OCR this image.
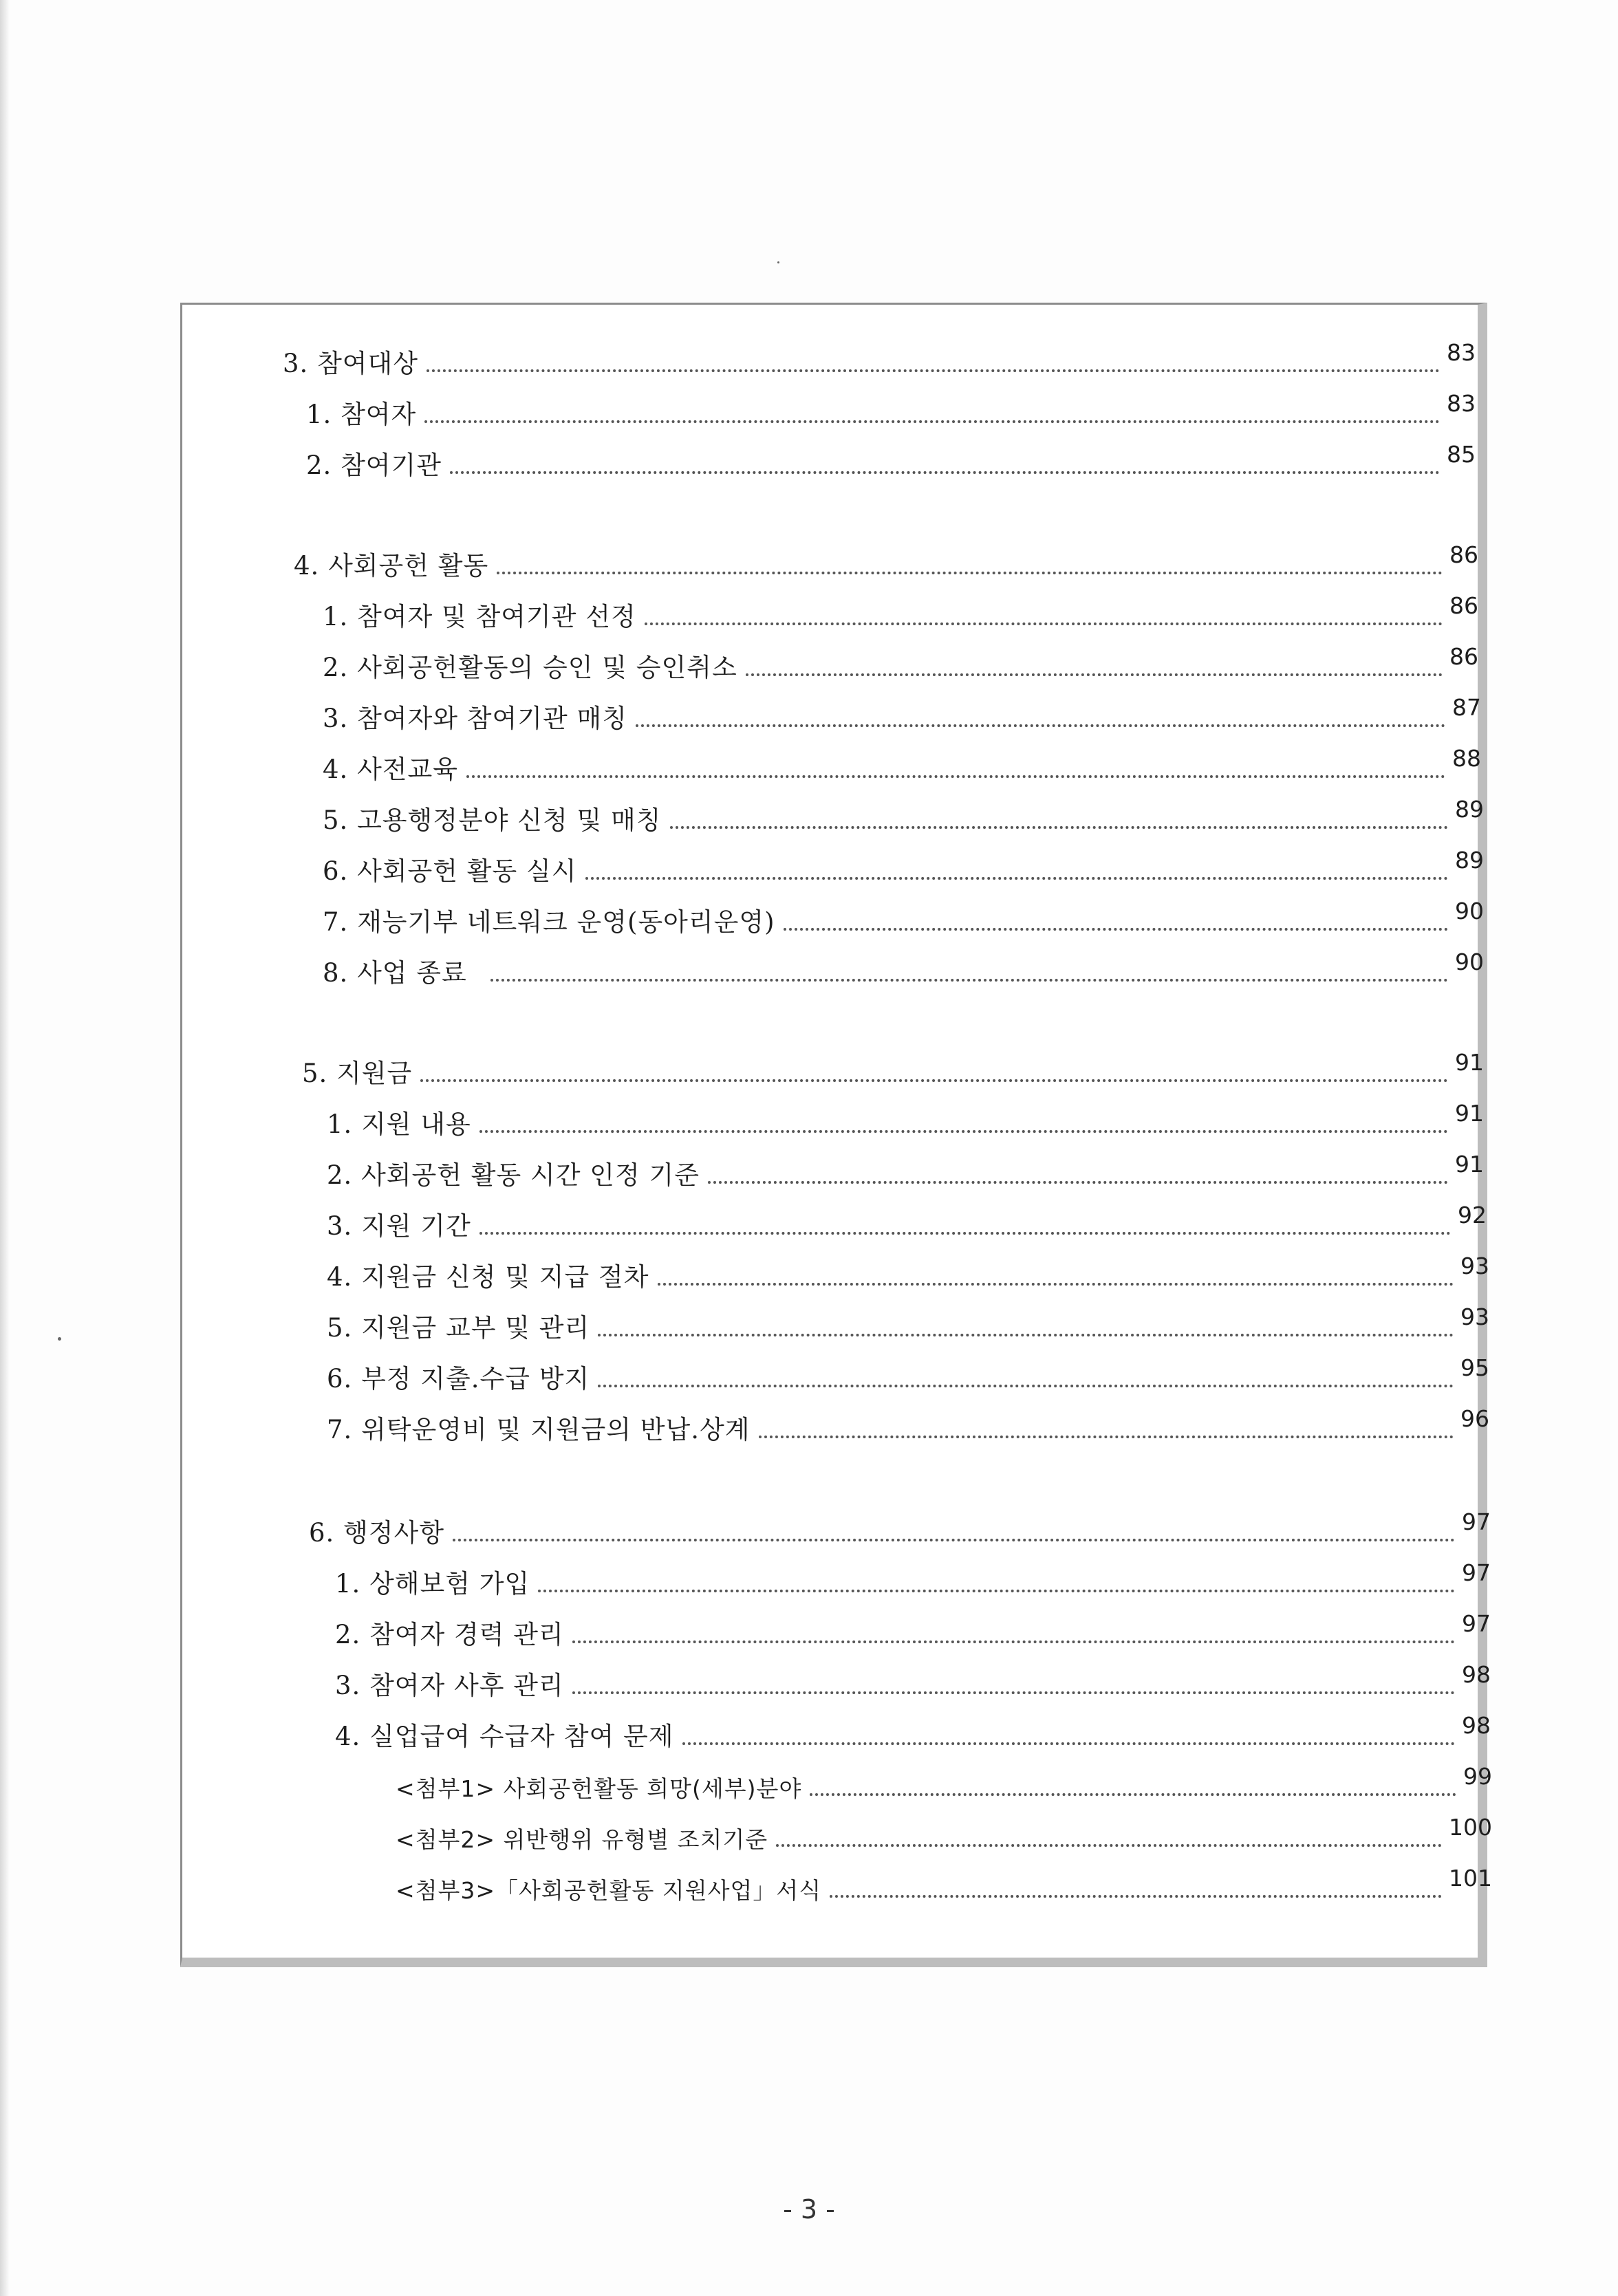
3. 참여대상	83
1. 참여자	83
2. 참여기관	85
4. 사회공헌 활동	86
1. 참여자 및 참여기관 선정	86
2. 사회공헌활동의 승인 및 승인취소	86
3. 참여자와 참여기관 매칭	87
4. 사전교육	88
5. 고용행정분야 신청 및 매칭	89
6. 사회공헌 활동 실시	89
7. 재능기부 네트워크 운영(동아리운영)	90
8. 사업 종료	90
5. 지원금	91
1. 지원 내용	91
2. 사회공헌 활동 시간 인정 기준	91
3. 지원 기간	92
4. 지원금 신청 및 지급 절차	93
5. 지원금 교부 및 관리	93
6. 부정 지출.수급 방지	95
7. 위탁운영비 및 지원금의 반납.상계	96
6. 행정사항	97
1. 상해보험 가입	97
2. 참여자 경력 관리	97
3. 참여자 사후 관리	98
4. 실업급여 수급자 참여 문제	98
<첨부1> 사회공헌활동 희망(세부)분야	99
<첨부2> 위반행위 유형별 조치기준	100
<첨부3>「사회공헌활동 지원사업」서식	101
- 3 -
